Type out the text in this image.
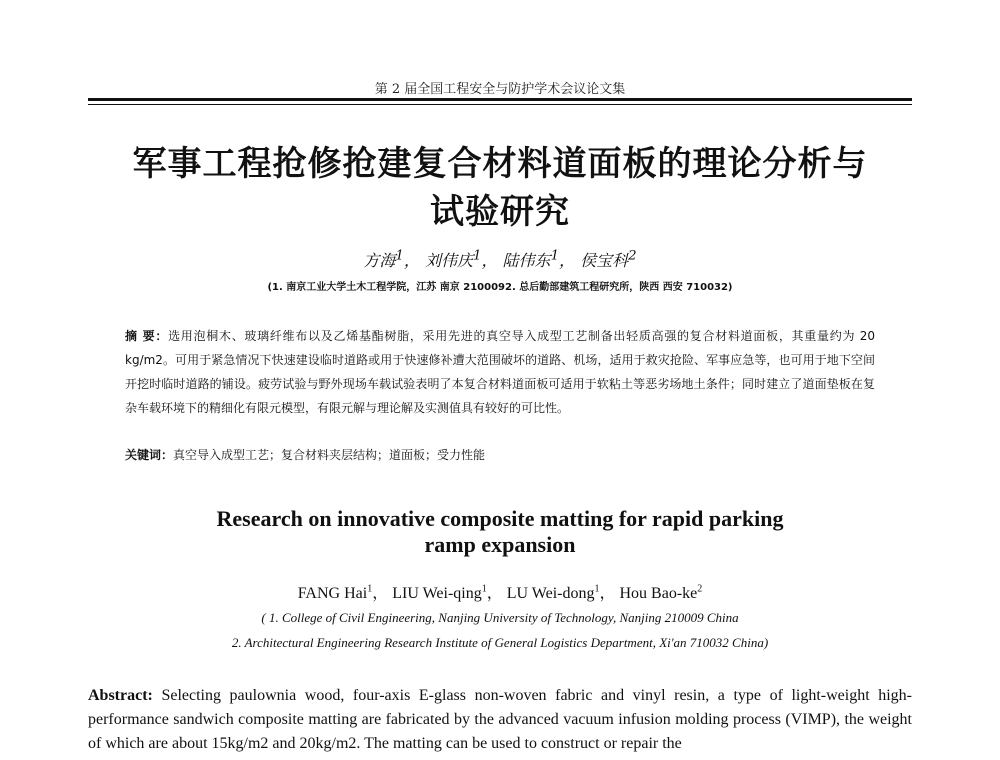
第 2 届全国工程安全与防护学术会议论文集
军事工程抢修抢建复合材料道面板的理论分析与
试验研究
方海$^1$， 刘伟庆$^1$， 陆伟东$^1$， 侯宝科$^2$
(1. 南京工业大学土木工程学院，江苏 南京 2100092. 总后勤部建筑工程研究所，陕西 西安 710032)
摘 要：选用泡桐木、玻璃纤维布以及乙烯基酯树脂，采用先进的真空导入成型工艺制备出轻质高强的复合材料道面板，其重量约为 20 kg/m2。可用于紧急情况下快速建设临时道路或用于快速修补遭大范围破坏的道路、机场，适用于救灾抢险、军事应急等，也可用于地下空间开挖时临时道路的铺设。疲劳试验与野外现场车载试验表明了本复合材料道面板可适用于软粘土等恶劣场地土条件；同时建立了道面垫板在复杂车载环境下的精细化有限元模型，有限元解与理论解及实测值具有较好的可比性。
关键词：真空导入成型工艺；复合材料夹层结构；道面板；受力性能
Research on innovative composite matting for rapid parking
ramp expansion
FANG Hai$^1$， LIU Wei-qing$^1$， LU Wei-dong$^1$， Hou Bao-$ke^2$
( 1. College of Civil Engineering, Nanjing University of Technology, Nanjing 210009 China
2. Architectural Engineering Research Institute of General Logistics Department, Xi'an 710032 China)
Abstract: Selecting paulownia wood, four-axis E-glass non-woven fabric and vinyl resin, a type of light-weight high-performance sandwich composite matting are fabricated by the advanced vacuum infusion molding process (VIMP), the weight of which are about 15kg/m2 and 20kg/m2. The matting can be used to construct or repair the
